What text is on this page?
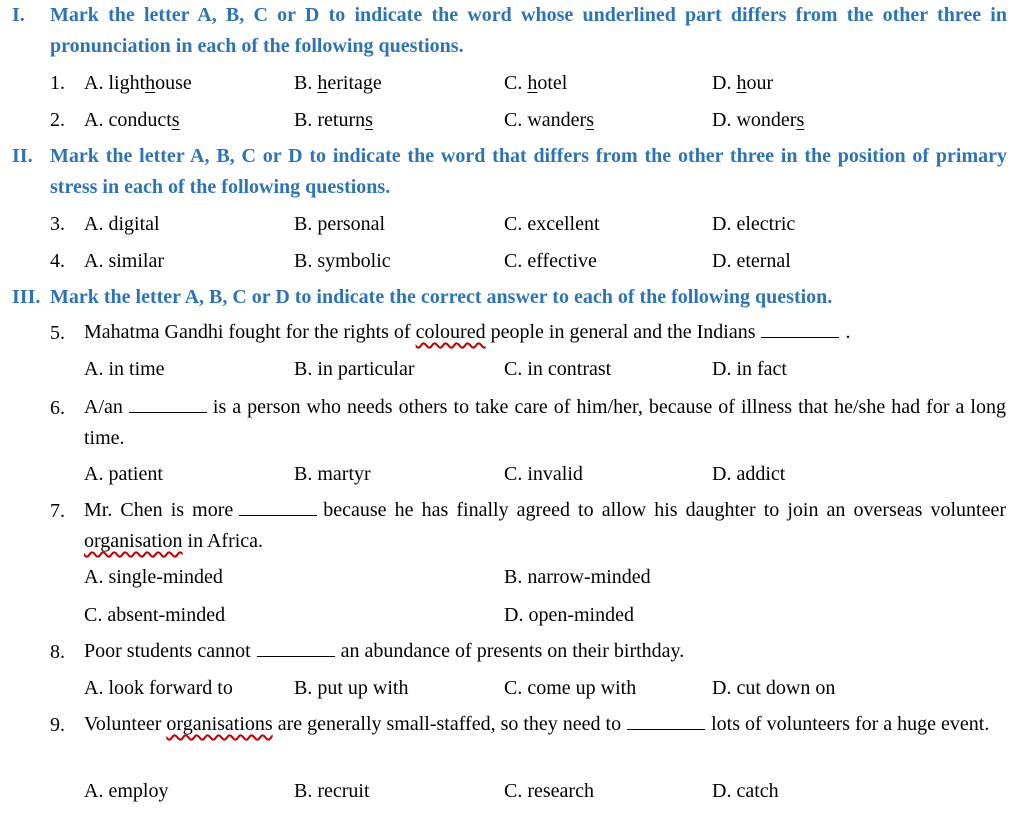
I. Mark the letter A, B, C or D to indicate the word whose underlined part differs from the other three in pronunciation in each of the following questions.
1. A. lighthouse	B. heritage	C. hotel	D. hour
2. A. conducts	B. returns	C. wanders	D. wonders
II. Mark the letter A, B, C or D to indicate the word that differs from the other three in the position of primary stress in each of the following questions.
3. A. digital	B. personal	C. excellent	D. electric
4. A. similar	B. symbolic	C. effective	D. eternal
III. Mark the letter A, B, C or D to indicate the correct answer to each of the following question.
5. Mahatma Gandhi fought for the rights of coloured people in general and the Indians	.
A. in time	B. in particular	C. in contrast	D. in fact
6. A/an	is a person who needs others to take care of him/her, because of illness that he/she had for a long time.
A. patient	B. martyr	C. invalid	D. addict
7. Mr. Chen is more	because he has finally agreed to allow his daughter to join an overseas volunteer organisation in Africa.
A. single-minded	B. narrow-minded
C. absent-minded	D. open-minded
8. Poor students cannot	an abundance of presents on their birthday.
A. look forward to	B. put up with	C. come up with	D. cut down on
9. Volunteer organisations are generally small-staffed, so they need to	lots of volunteers for a huge event.
A. employ	B. recruit	C. research	D. catch
